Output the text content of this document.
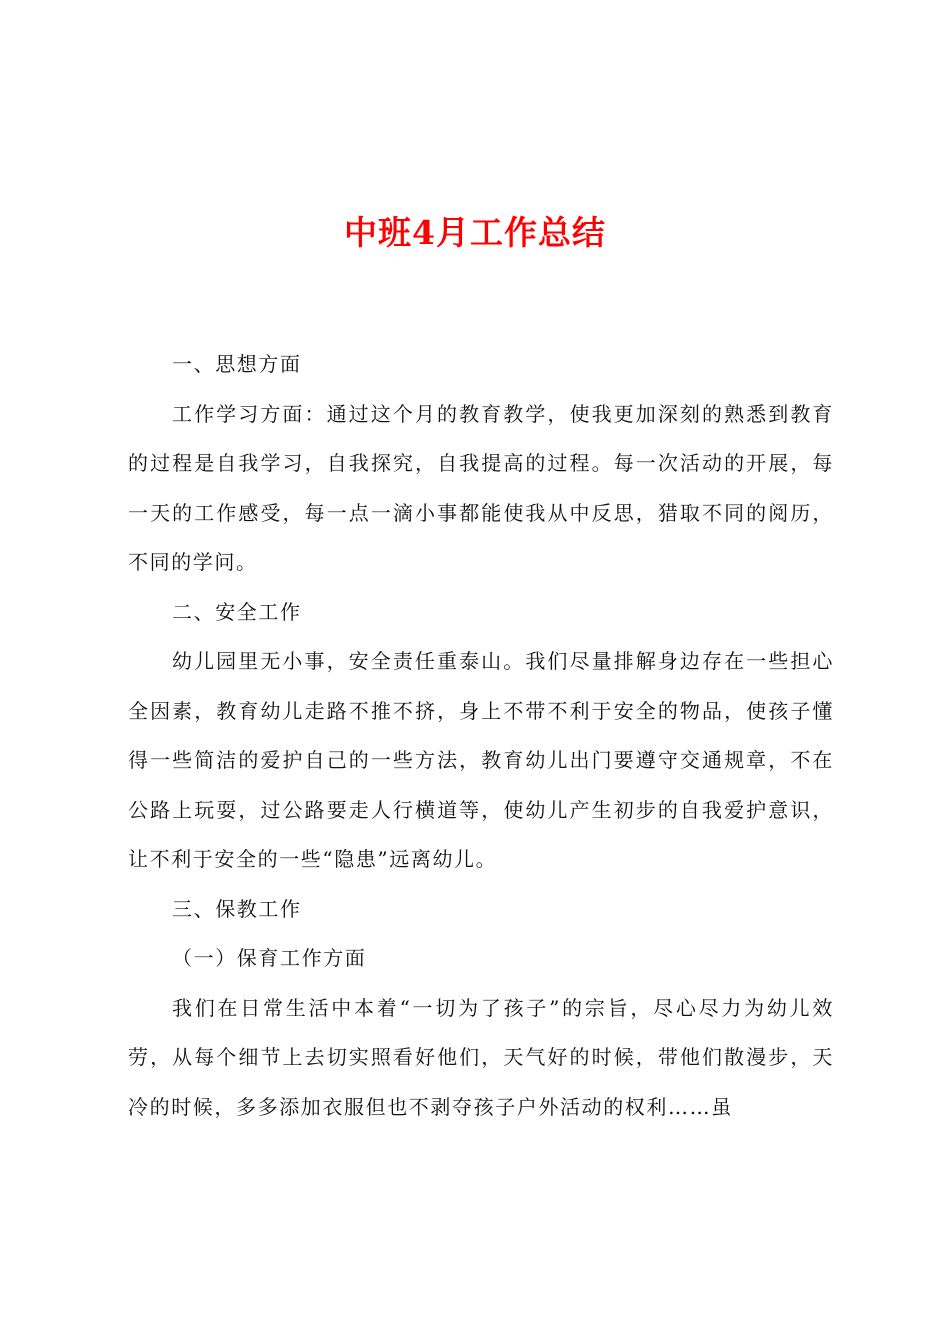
中班4月工作总结

一、思想方面

工作学习方面：通过这个月的教育教学，使我更加深刻的熟悉到教育的过程是自我学习，自我探究，自我提高的过程。每一次活动的开展，每一天的工作感受，每一点一滴小事都能使我从中反思，猎取不同的阅历，不同的学问。

二、安全工作

幼儿园里无小事，安全责任重泰山。我们尽量排解身边存在一些担心全因素，教育幼儿走路不推不挤，身上不带不利于安全的物品，使孩子懂得一些简洁的爱护自己的一些方法，教育幼儿出门要遵守交通规章，不在公路上玩耍，过公路要走人行横道等，使幼儿产生初步的自我爱护意识，让不利于安全的一些“隐患”远离幼儿。

三、保教工作

（一）保育工作方面

我们在日常生活中本着“一切为了孩子”的宗旨，尽心尽力为幼儿效劳，从每个细节上去切实照看好他们，天气好的时候，带他们散漫步，天冷的时候，多多添加衣服但也不剥夺孩子户外活动的权利……虽
